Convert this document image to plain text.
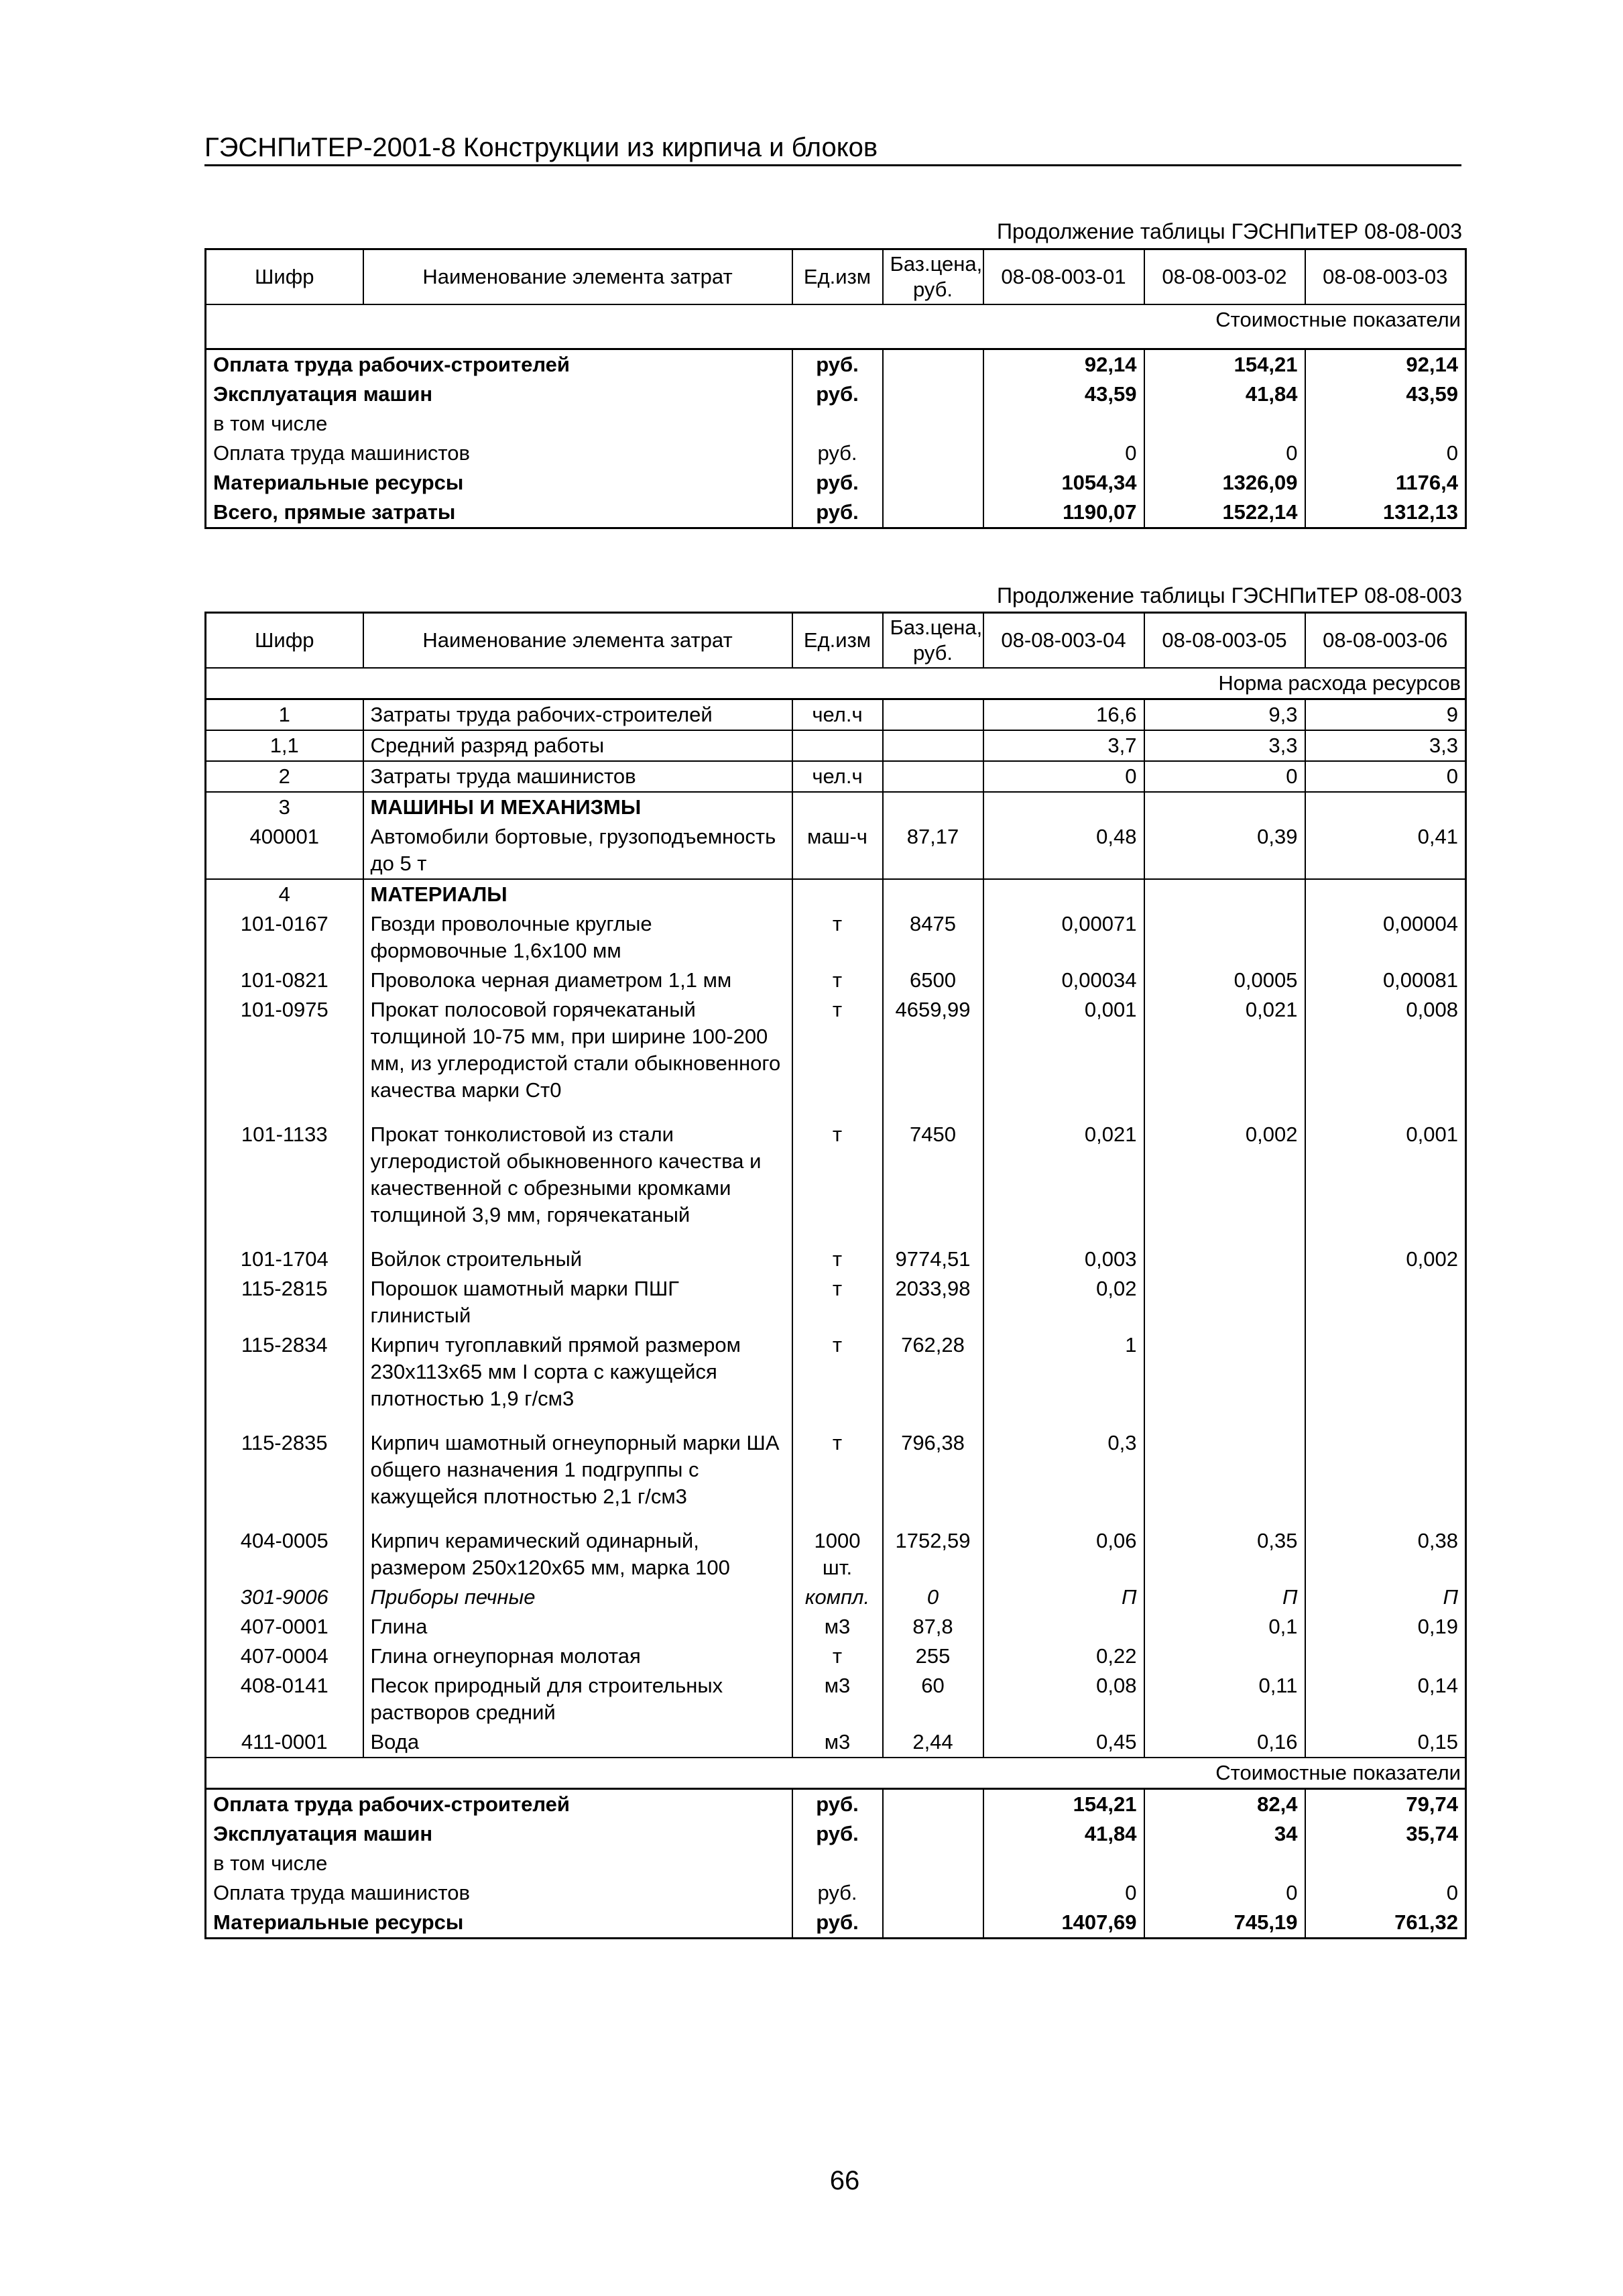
ГЭСНПиТЕР-2001-8 Конструкции из кирпича и блоков
Продолжение таблицы ГЭСНПиТЕР 08-08-003
Шифр	Наименование элемента затрат	Ед.изм	Баз.цена, руб.	08-08-003-01	08-08-003-02	08-08-003-03
Стоимостные показатели						
Оплата труда рабочих-строителей		руб.		92,14	154,21	92,14
Эксплуатация машин		руб.		43,59	41,84	43,59
в том числе						
Оплата труда машинистов		руб.		0	0	0
Материальные ресурсы		руб.		1054,34	1326,09	1176,4
Всего, прямые затраты		руб.		1190,07	1522,14	1312,13
Продолжение таблицы ГЭСНПиТЕР 08-08-003
Шифр	Наименование элемента затрат	Ед.изм	Баз.цена, руб.	08-08-003-04	08-08-003-05	08-08-003-06
Норма расхода ресурсов						
1	Затраты труда рабочих-строителей	чел.ч		16,6	9,3	9
1,1	Средний разряд работы			3,7	3,3	3,3
2	Затраты труда машинистов	чел.ч		0	0	0
3	МАШИНЫ И МЕХАНИЗМЫ					
400001	Автомобили бортовые, грузоподъемность до 5 т	маш-ч	87,17	0,48	0,39	0,41
4	МАТЕРИАЛЫ					
101-0167	Гвозди проволочные круглые формовочные 1,6х100 мм	т	8475	0,00071		0,00004
101-0821	Проволока черная диаметром 1,1 мм	т	6500	0,00034	0,0005	0,00081
101-0975	Прокат полосовой горячекатаный толщиной 10-75 мм, при ширине 100-200 мм, из углеродистой стали обыкновенного качества марки Ст0	т	4659,99	0,001	0,021	0,008
101-1133	Прокат тонколистовой из стали углеродистой обыкновенного качества и качественной с обрезными кромками толщиной 3,9 мм, горячекатаный	т	7450	0,021	0,002	0,001
101-1704	Войлок строительный	т	9774,51	0,003		0,002
115-2815	Порошок шамотный марки ПШГ глинистый	т	2033,98	0,02		
115-2834	Кирпич тугоплавкий прямой размером 230х113х65 мм I сорта с кажущейся плотностью 1,9 г/см3	т	762,28	1		
115-2835	Кирпич шамотный огнеупорный марки ША общего назначения 1 подгруппы с кажущейся плотностью 2,1 г/см3	т	796,38	0,3		
404-0005	Кирпич керамический одинарный, размером 250х120х65 мм, марка 100	1000 шт.	1752,59	0,06	0,35	0,38
301-9006	Приборы печные	компл.	0	П	П	П
407-0001	Глина	м3	87,8		0,1	0,19
407-0004	Глина огнеупорная молотая	т	255	0,22		
408-0141	Песок природный для строительных растворов средний	м3	60	0,08	0,11	0,14
411-0001	Вода	м3	2,44	0,45	0,16	0,15
Стоимостные показатели						
Оплата труда рабочих-строителей		руб.		154,21	82,4	79,74
Эксплуатация машин		руб.		41,84	34	35,74
в том числе						
Оплата труда машинистов		руб.		0	0	0
Материальные ресурсы		руб.		1407,69	745,19	761,32
66
